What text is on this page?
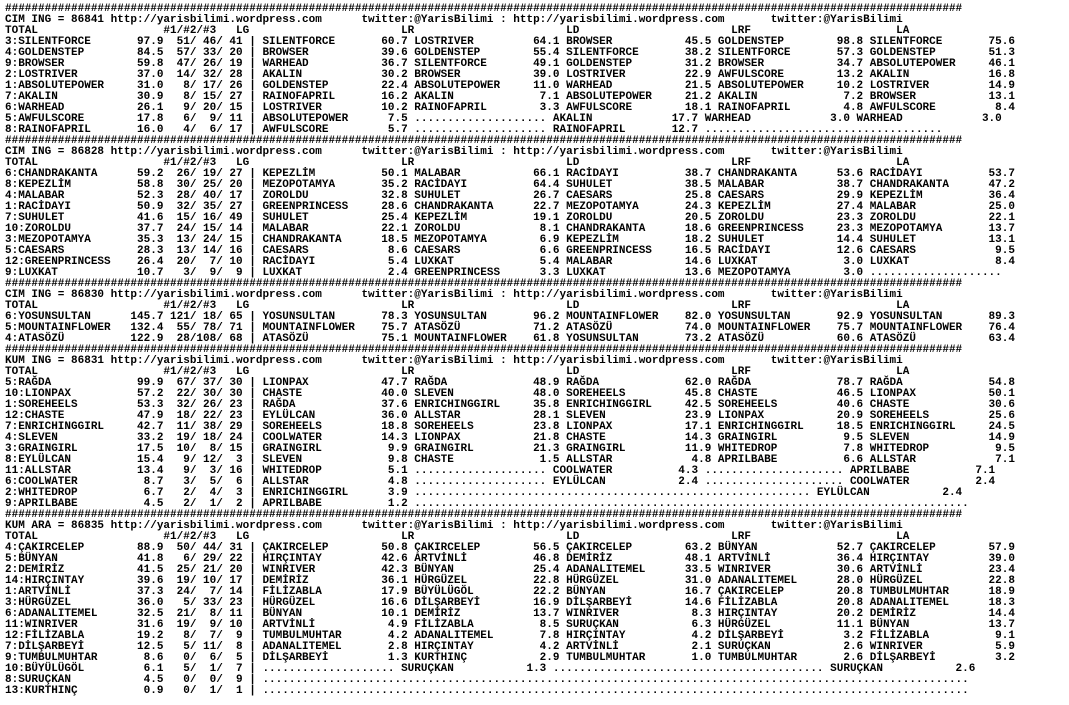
#################################################################################################################################################
CIM ING = 86841 http://yarisbilimi.wordpress.com      twitter:@YarisBilimi : http://yarisbilimi.wordpress.com       twitter:@YarisBilimi
TOTAL                   #1/#2/#3   LG                       LR                       LD                       LRF                      LA
3:SILENTFORCE       97.9  51/ 46/ 41 | SILENTFORCE       60.7 LOSTRIVER         64.1 BROWSER           45.5 GOLDENSTEP        98.8 SILENTFORCE       75.6
4:GOLDENSTEP        84.5  57/ 33/ 20 | BROWSER           39.6 GOLDENSTEP        55.4 SILENTFORCE       38.2 SILENTFORCE       57.3 GOLDENSTEP        51.3
9:BROWSER           59.8  47/ 26/ 19 | WARHEAD           36.7 SILENTFORCE       49.1 GOLDENSTEP        31.2 BROWSER           34.7 ABSOLUTEPOWER     46.1
2:LOSTRIVER         37.0  14/ 32/ 28 | AKALIN            30.2 BROWSER           39.0 LOSTRIVER         22.9 AWFULSCORE        13.2 AKALIN            16.8
1:ABSOLUTEPOWER     31.0   8/ 17/ 26 | GOLDENSTEP        22.4 ABSOLUTEPOWER     11.0 WARHEAD           21.5 ABSOLUTEPOWER     10.2 LOSTRIVER         14.9
7:AKALIN            30.9   8/ 15/ 27 | RAINOFAPRIL       16.2 AKALIN             7.1 ABSOLUTEPOWER     21.2 AKALIN             7.2 BROWSER           13.1
6:WARHEAD           26.1   9/ 20/ 15 | LOSTRIVER         10.2 RAINOFAPRIL        3.3 AWFULSCORE        18.1 RAINOFAPRIL        4.8 AWFULSCORE         8.4
5:AWFULSCORE        17.8   6/  9/ 11 | ABSOLUTEPOWER      7.5 .................... AKALIN            17.7 WARHEAD            3.0 WARHEAD            3.0
8:RAINOFAPRIL       16.0   4/  6/ 17 | AWFULSCORE         5.7 .................... RAINOFAPRIL       12.7 ....................................
#################################################################################################################################################
CIM ING = 86828 http://yarisbilimi.wordpress.com      twitter:@YarisBilimi : http://yarisbilimi.wordpress.com       twitter:@YarisBilimi
TOTAL                   #1/#2/#3   LG                       LR                       LD                       LRF                      LA
6:CHANDRAKANTA      59.2  26/ 19/ 27 | KEPEZLİM          50.1 MALABAR           66.1 RACİDAYI          38.7 CHANDRAKANTA      53.6 RACİDAYI          53.7
8:KEPEZLİM          58.8  30/ 25/ 20 | MEZOPOTAMYA       35.2 RACİDAYI          64.4 SUHULET           38.5 MALABAR           38.7 CHANDRAKANTA      47.2
4:MALABAR           52.3  28/ 40/ 17 | ZOROLDU           32.8 SUHULET           26.7 CAESARS           25.8 CAESARS           29.9 KEPEZLİM          36.4
1:RACİDAYI          50.9  32/ 35/ 27 | GREENPRINCESS     28.6 CHANDRAKANTA      22.7 MEZOPOTAMYA       24.3 KEPEZLİM          27.4 MALABAR           25.0
7:SUHULET           41.6  15/ 16/ 49 | SUHULET           25.4 KEPEZLİM          19.1 ZOROLDU           20.5 ZOROLDU           23.3 ZOROLDU           22.1
10:ZOROLDU          37.7  24/ 15/ 14 | MALABAR           22.1 ZOROLDU            8.1 CHANDRAKANTA      18.6 GREENPRINCESS     23.3 MEZOPOTAMYA       13.7
3:MEZOPOTAMYA       35.3  13/ 24/ 15 | CHANDRAKANTA      18.5 MEZOPOTAMYA        6.9 KEPEZLİM          18.2 SUHULET           14.4 SUHULET           13.1
5:CAESARS           28.3  13/ 14/ 16 | CAESARS            8.6 CAESARS            6.6 GREENPRINCESS     16.5 RACİDAYI          12.6 CAESARS            9.5
12:GREENPRINCESS    26.4  20/  7/ 10 | RACİDAYI           5.4 LUXKAT             5.4 MALABAR           14.6 LUXKAT             3.0 LUXKAT             8.4
9:LUXKAT            10.7   3/  9/  9 | LUXKAT             2.4 GREENPRINCESS      3.3 LUXKAT            13.6 MEZOPOTAMYA        3.0 ....................
#################################################################################################################################################
CIM ING = 86830 http://yarisbilimi.wordpress.com      twitter:@YarisBilimi : http://yarisbilimi.wordpress.com       twitter:@YarisBilimi
TOTAL                   #1/#2/#3   LG                       LR                       LD                       LRF                      LA
6:YOSUNSULTAN      145.7 121/ 18/ 65 | YOSUNSULTAN       78.3 YOSUNSULTAN       96.2 MOUNTAINFLOWER    82.0 YOSUNSULTAN       92.9 YOSUNSULTAN       89.3
5:MOUNTAINFLOWER   132.4  55/ 78/ 71 | MOUNTAINFLOWER    75.7 ATASÖZÜ           71.2 ATASÖZÜ           74.0 MOUNTAINFLOWER    75.7 MOUNTAINFLOWER    76.4
4:ATASÖZÜ          122.9  28/108/ 68 | ATASÖZÜ           75.1 MOUNTAINFLOWER    61.8 YOSUNSULTAN       73.2 ATASÖZÜ           60.6 ATASÖZÜ           63.4
#################################################################################################################################################
KUM ING = 86831 http://yarisbilimi.wordpress.com      twitter:@YarisBilimi : http://yarisbilimi.wordpress.com       twitter:@YarisBilimi
TOTAL                   #1/#2/#3   LG                       LR                       LD                       LRF                      LA
5:RAĞDA             99.9  67/ 37/ 30 | LIONPAX           47.7 RAĞDA             48.9 RAĞDA             62.0 RAĞDA             78.7 RAĞDA             54.8
10:LIONPAX          57.2  22/ 30/ 30 | CHASTE            40.0 SLEVEN            48.0 SOREHEELS         45.8 CHASTE            46.5 LIONPAX           50.1
1:SOREHEELS         53.3  32/ 26/ 23 | RAĞDA             37.6 ENRICHINGGIRL     35.8 ENRICHINGGIRL     42.5 SOREHEELS         40.6 CHASTE            30.6
12:CHASTE           47.9  18/ 22/ 23 | EYLÜLCAN          36.0 ALLSTAR           28.1 SLEVEN            23.9 LIONPAX           20.9 SOREHEELS         25.6
7:ENRICHINGGIRL     42.7  11/ 38/ 29 | SOREHEELS         18.8 SOREHEELS         23.8 LIONPAX           17.1 ENRICHINGGIRL     18.5 ENRICHINGGIRL     24.5
4:SLEVEN            33.2  19/ 18/ 24 | COOLWATER         14.3 LIONPAX           21.8 CHASTE            14.3 GRAINGIRL          9.5 SLEVEN            14.9
3:GRAINGIRL         17.5  10/  8/ 15 | GRAINGIRL          9.9 GRAINGIRL         21.3 GRAINGIRL         11.9 WHITEDROP          7.8 WHITEDROP          9.5
8:EYLÜLCAN          15.4   9/ 12/  3 | SLEVEN             9.8 CHASTE             1.5 ALLSTAR            4.8 APRILBABE          6.6 ALLSTAR            7.1
11:ALLSTAR          13.4   9/  3/ 16 | WHITEDROP          5.1 .................... COOLWATER          4.3 ..................... APRILBABE          7.1
6:COOLWATER          8.7   3/  5/  6 | ALLSTAR            4.8 .................... EYLÜLCAN           2.4 ..................... COOLWATER          2.4
2:WHITEDROP          6.7   2/  4/  3 | ENRICHINGGIRL      3.9 ............................................................ EYLÜLCAN           2.4
9:APRILBABE          4.5   2/  1/  2 | APRILBABE          1.2 ....................................................................................
#################################################################################################################################################
KUM ARA = 86835 http://yarisbilimi.wordpress.com      twitter:@YarisBilimi : http://yarisbilimi.wordpress.com       twitter:@YarisBilimi
TOTAL                   #1/#2/#3   LG                       LR                       LD                       LRF                      LA
4:ÇAKIRCELEP        88.9  50/ 44/ 31 | ÇAKIRCELEP        50.8 ÇAKIRCELEP        56.5 ÇAKIRCELEP        63.2 BÜNYAN            52.7 ÇAKIRCELEP        57.9
5:BÜNYAN            41.8   6/ 29/ 22 | HIRÇINTAY         42.6 ARTVİNLİ          46.8 DEMİRİZ           48.1 ARTVİNLİ          36.4 HIRÇINTAY         39.0
2:DEMİRİZ           41.5  25/ 21/ 20 | WINRIVER          42.3 BÜNYAN            25.4 ADANALITEMEL      33.5 WINRIVER          30.6 ARTVİNLİ          23.4
14:HIRÇINTAY        39.6  19/ 10/ 17 | DEMİRİZ           36.1 HÜRGÜZEL          22.8 HÜRGÜZEL          31.0 ADANALITEMEL      28.0 HÜRGÜZEL          22.8
1:ARTVİNLİ          37.3  24/  7/ 14 | FİLİZABLA         17.9 BÜYÜLÜGÖL         22.2 BÜNYAN            16.7 ÇAKIRCELEP        20.8 TUMBULMUHTAR      18.9
3:HÜRGÜZEL          36.0   5/ 33/ 23 | HÜRGÜZEL          16.6 DİLŞARBEYİ        16.9 DİLŞARBEYİ        14.6 FİLİZABLA         20.8 ADANALITEMEL      18.3
6:ADANALITEMEL      32.5  21/  8/ 11 | BÜNYAN            10.1 DEMİRİZ           13.7 WINRIVER           8.3 HIRÇINTAY         20.2 DEMİRİZ           14.4
11:WINRIVER         31.6  19/  9/ 10 | ARTVİNLİ           4.9 FİLİZABLA          8.5 SURUÇKAN           6.3 HÜRGÜZEL          11.1 BÜNYAN            13.7
12:FİLİZABLA        19.2   8/  7/  9 | TUMBULMUHTAR       4.2 ADANALITEMEL       7.8 HIRÇINTAY          4.2 DİLŞARBEYİ         3.2 FİLİZABLA          9.1
7:DİLŞARBEYİ        12.5   5/ 11/  8 | ADANALITEMEL       2.8 HIRÇINTAY          4.2 ARTVİNLİ           2.1 SURUÇKAN           2.6 WINRIVER           5.9
9:TUMBULMUHTAR       8.6   0/  6/  5 | DİLŞARBEYİ         1.3 KURTHINÇ           2.9 TUMBULMUHTAR       1.0 TUMBULMUHTAR       2.6 DİLŞARBEYİ         3.2
10:BÜYÜLÜGÖL         6.1   5/  1/  7 | .................... SURUÇKAN           1.3 ......................................... SURUÇKAN           2.6
8:SURUÇKAN           4.5   0/  0/  9 | ...........................................................................................................
13:KURTHINÇ          0.9   0/  1/  1 | ...........................................................................................................
